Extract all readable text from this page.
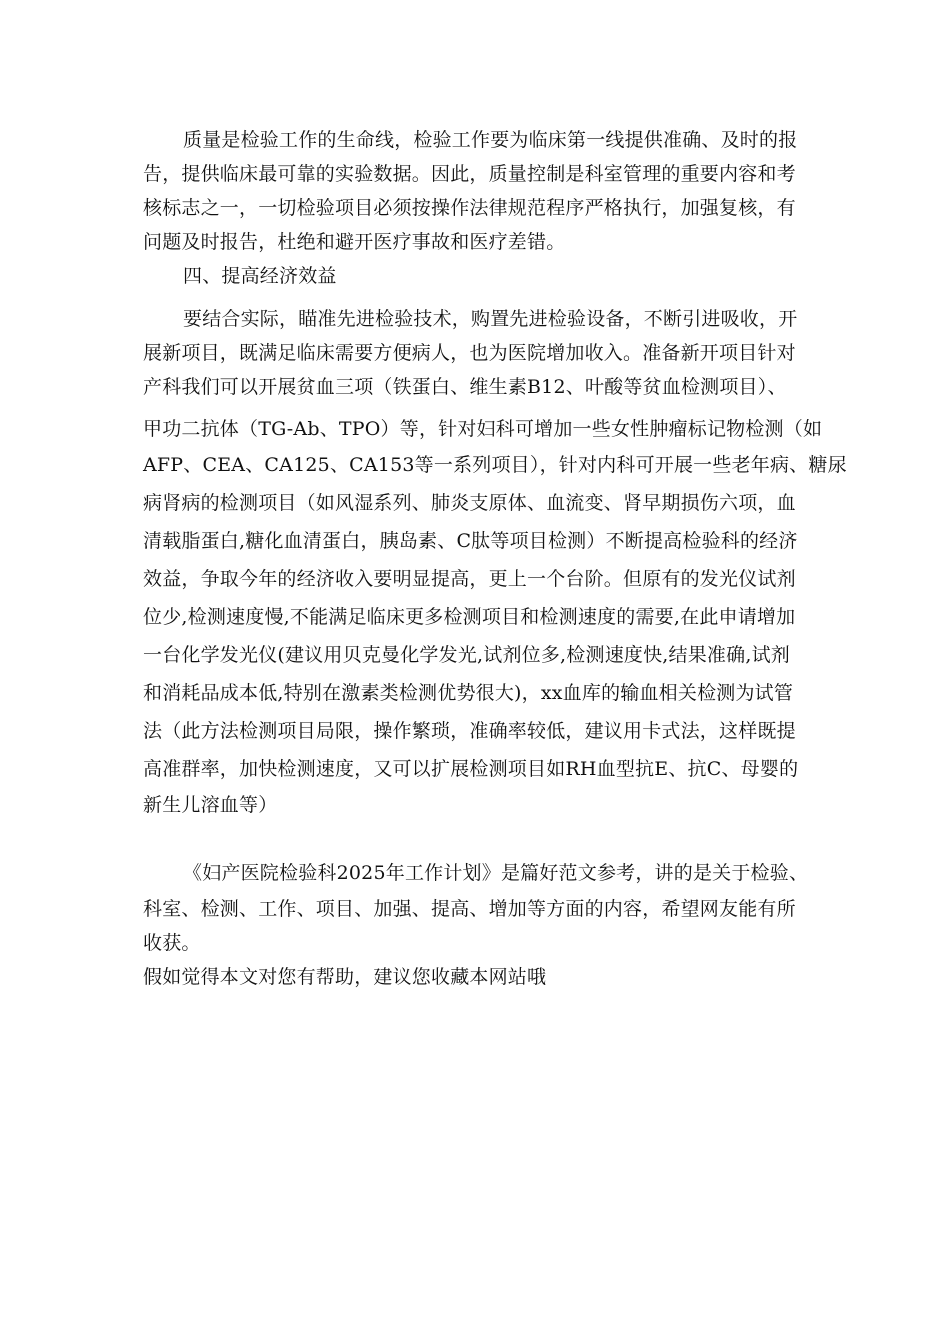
质量是检验工作的生命线，检验工作要为临床第一线提供准确、及时的报
告，提供临床最可靠的实验数据。因此，质量控制是科室管理的重要内容和考
核标志之一，一切检验项目必须按操作法律规范程序严格执行，加强复核，有
问题及时报告，杜绝和避开医疗事故和医疗差错。
四、提高经济效益
要结合实际，瞄准先进检验技术，购置先进检验设备，不断引进吸收，开
展新项目，既满足临床需要方便病人，也为医院增加收入。准备新开项目针对
产科我们可以开展贫血三项（铁蛋白、维生素B12、叶酸等贫血检测项目）、
甲功二抗体（TG-Ab、TPO）等，针对妇科可增加一些女性肿瘤标记物检测（如
AFP、CEA、CA125、CA153等一系列项目），针对内科可开展一些老年病、糖尿
病肾病的检测项目（如风湿系列、肺炎支原体、血流变、肾早期损伤六项，血
清载脂蛋白,糖化血清蛋白，胰岛素、C肽等项目检测）不断提高检验科的经济
效益，争取今年的经济收入要明显提高，更上一个台阶。但原有的发光仪试剂
位少,检测速度慢,不能满足临床更多检测项目和检测速度的需要,在此申请增加
一台化学发光仪(建议用贝克曼化学发光,试剂位多,检测速度快,结果准确,试剂
和消耗品成本低,特别在激素类检测优势很大)，xx血库的输血相关检测为试管
法（此方法检测项目局限，操作繁琐，准确率较低，建议用卡式法，这样既提
高准群率，加快检测速度，又可以扩展检测项目如RH血型抗E、抗C、母婴的
新生儿溶血等）
《妇产医院检验科2025年工作计划》是篇好范文参考，讲的是关于检验、
科室、检测、工作、项目、加强、提高、增加等方面的内容，希望网友能有所
收获。
假如觉得本文对您有帮助，建议您收藏本网站哦
